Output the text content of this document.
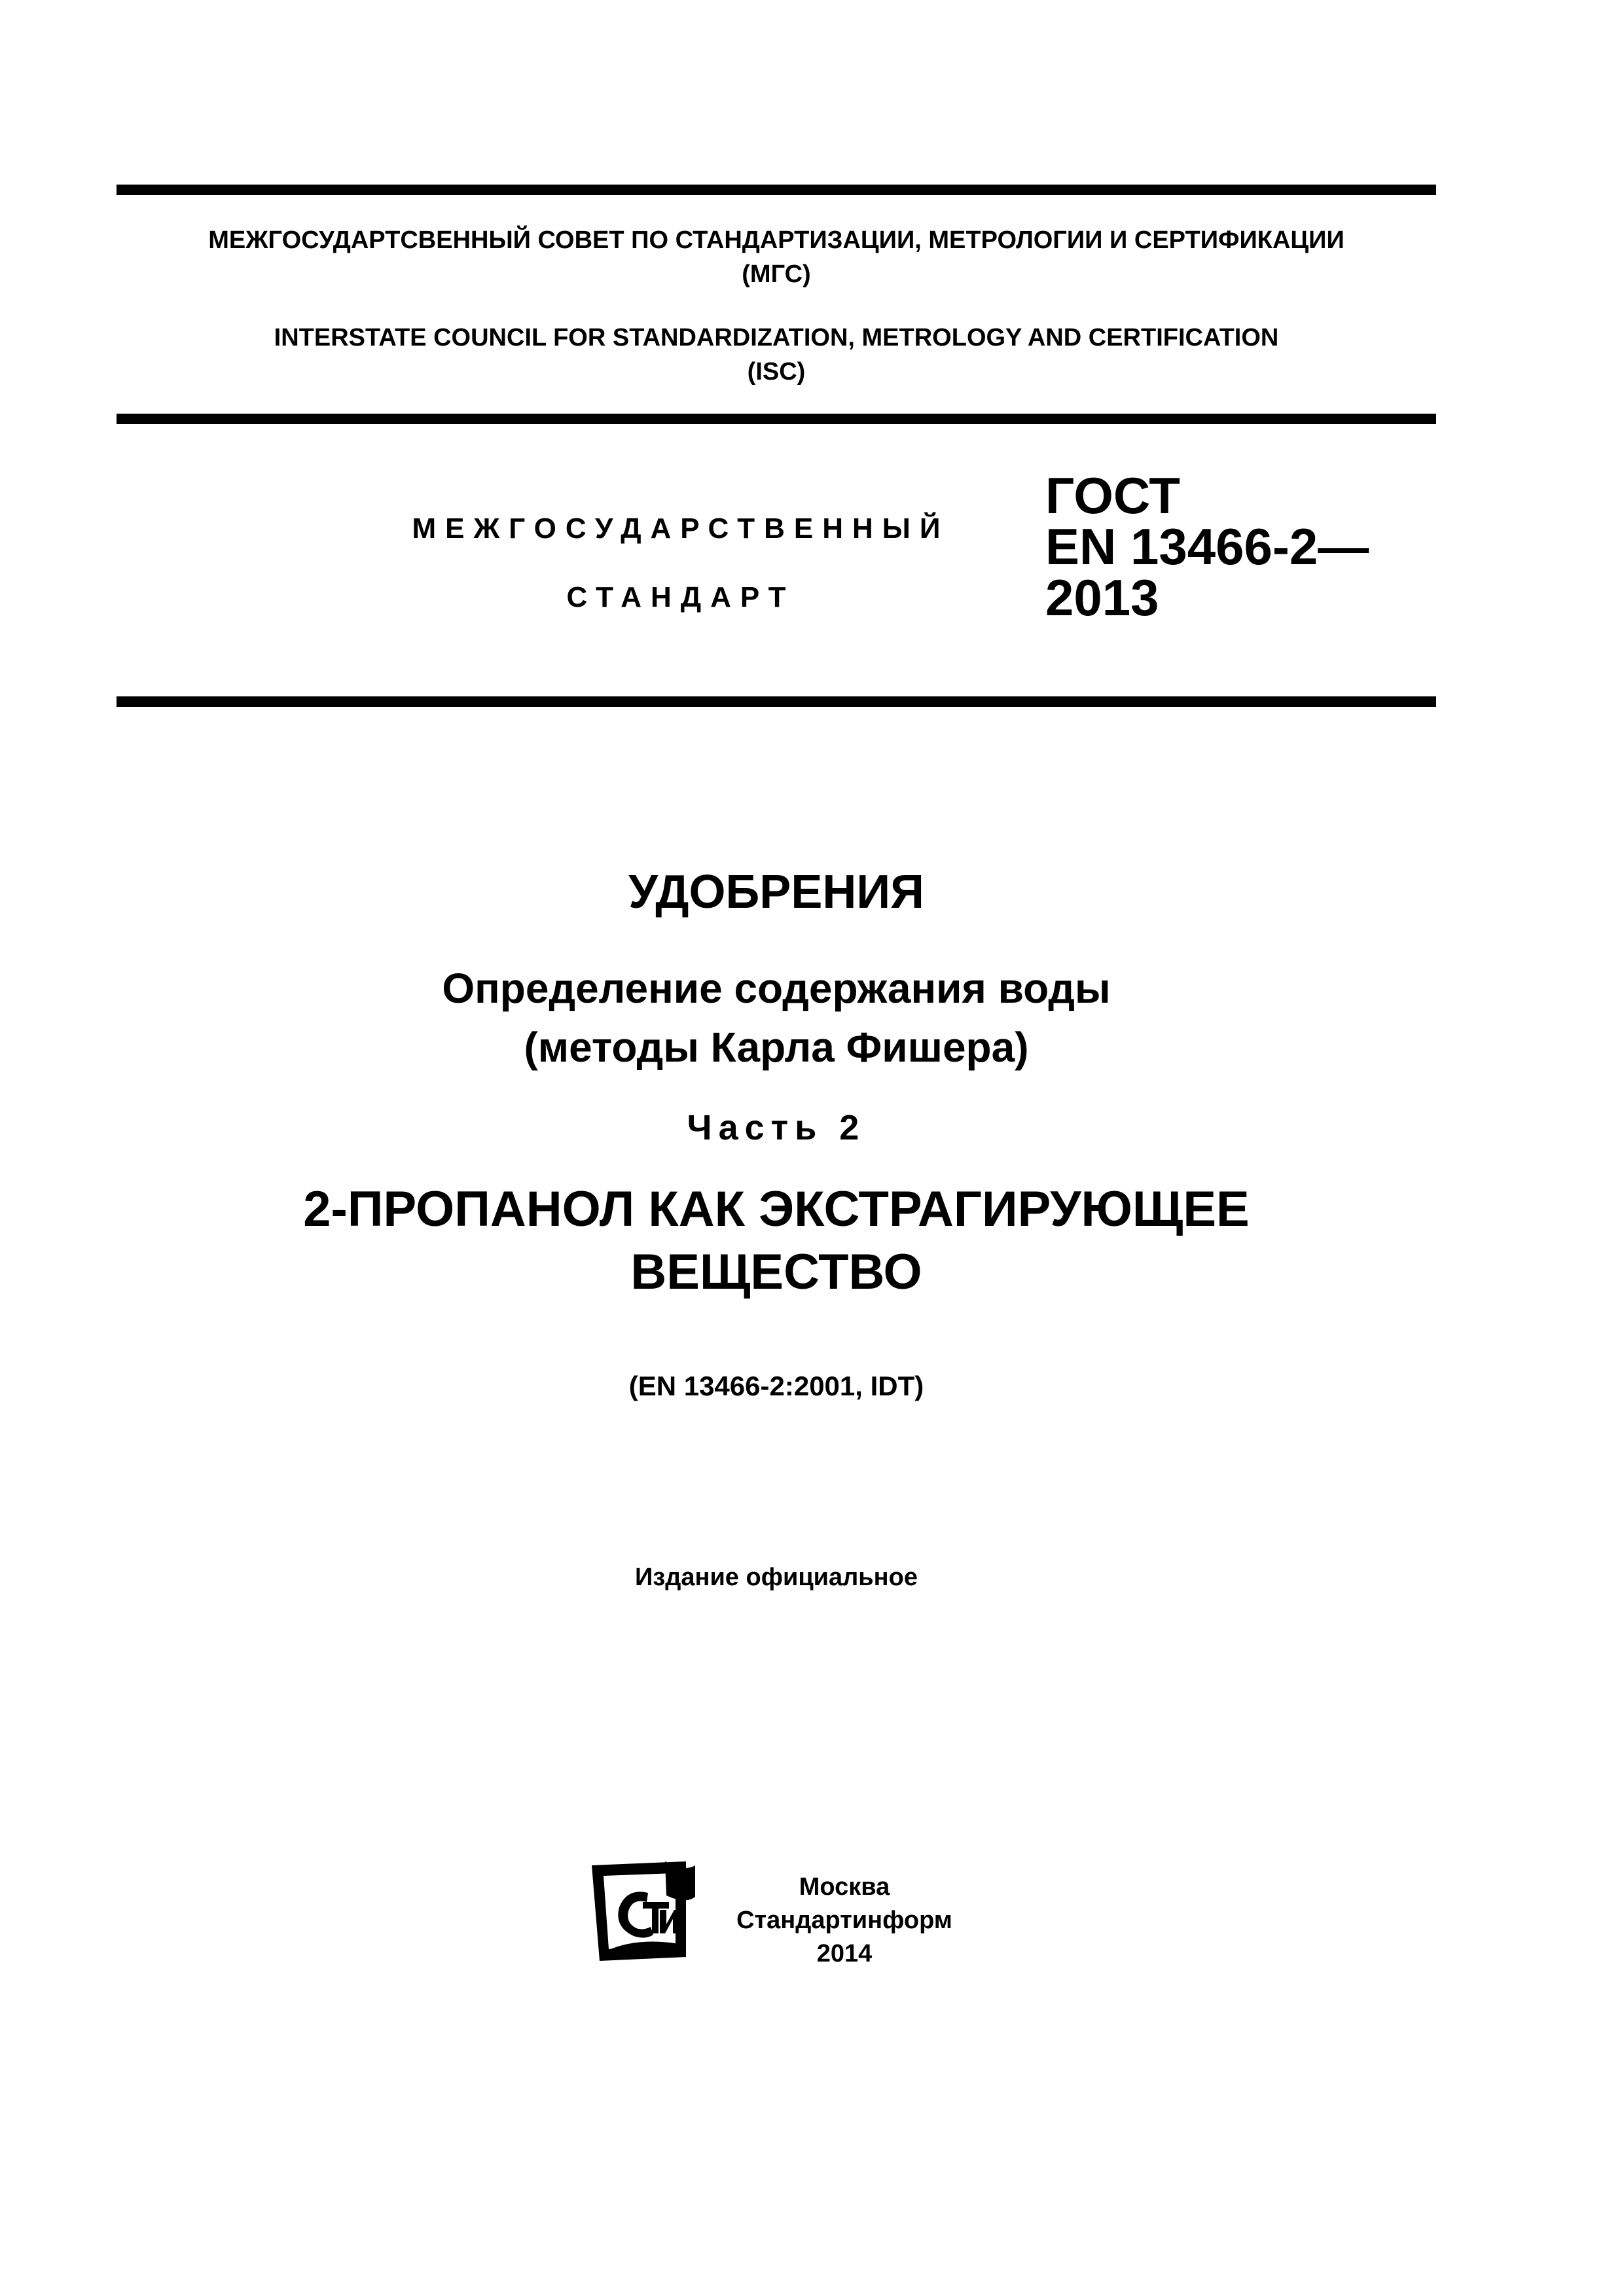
МЕЖГОСУДАРТСВЕННЫЙ СОВЕТ ПО СТАНДАРТИЗАЦИИ, МЕТРОЛОГИИ И СЕРТИФИКАЦИИ
(МГС)
INTERSTATE COUNCIL FOR STANDARDIZATION, METROLOGY AND CERTIFICATION
(ISC)
МЕЖГОСУДАРСТВЕННЫЙ
СТАНДАРТ
ГОСТ
EN 13466-2—
2013
УДОБРЕНИЯ
Определение содержания воды
(методы Карла Фишера)
Часть 2
2-ПРОПАНОЛ КАК ЭКСТРАГИРУЮЩЕЕ
ВЕЩЕСТВО
(EN 13466-2:2001, IDT)
Издание официальное
Москва
Стандартинформ
2014
